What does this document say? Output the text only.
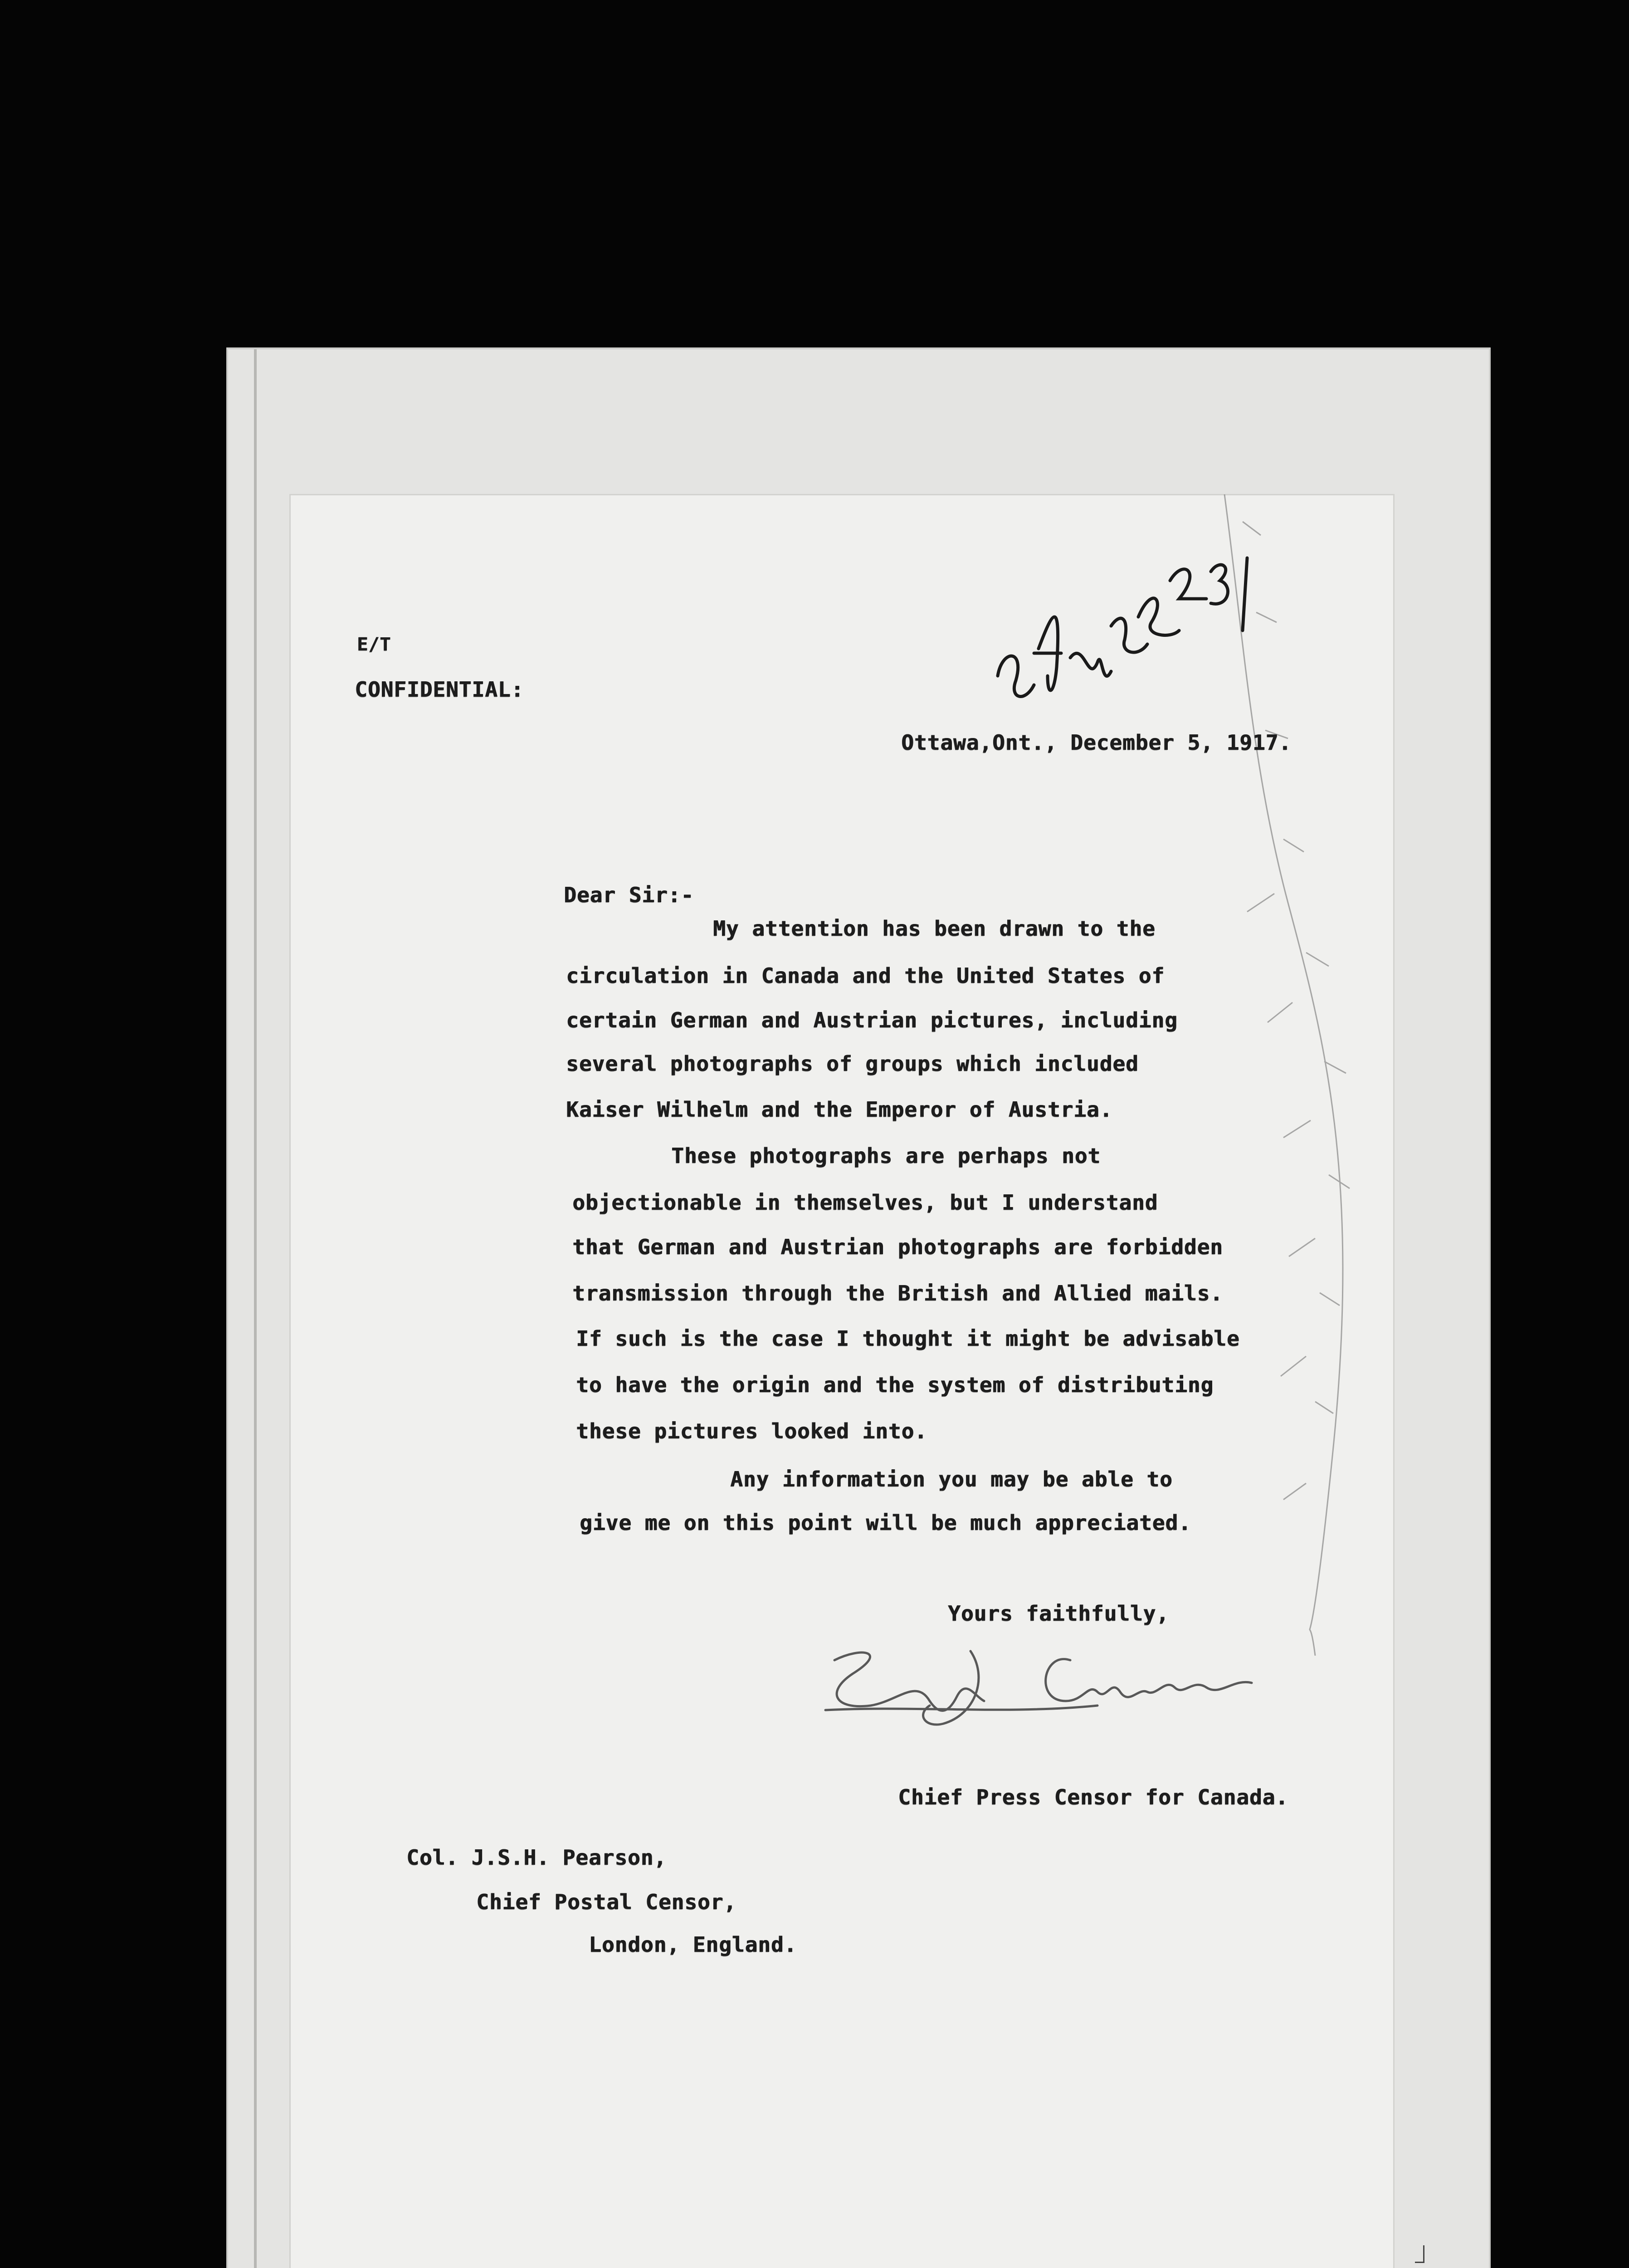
E/T
CONFIDENTIAL:
Ottawa,Ont., December 5, 1917.
Dear Sir:-
My attention has been drawn to the
circulation in Canada and the United States of
certain German and Austrian pictures, including
several photographs of groups which included
Kaiser Wilhelm and the Emperor of Austria.
These photographs are perhaps not
objectionable in themselves, but I understand
that German and Austrian photographs are forbidden
transmission through the British and Allied mails.
If such is the case I thought it might be advisable
to have the origin and the system of distributing
these pictures looked into.
Any information you may be able to
give me on this point will be much appreciated.
Yours faithfully,
Chief Press Censor for Canada.
Col. J.S.H. Pearson,
Chief Postal Censor,
London, England.
